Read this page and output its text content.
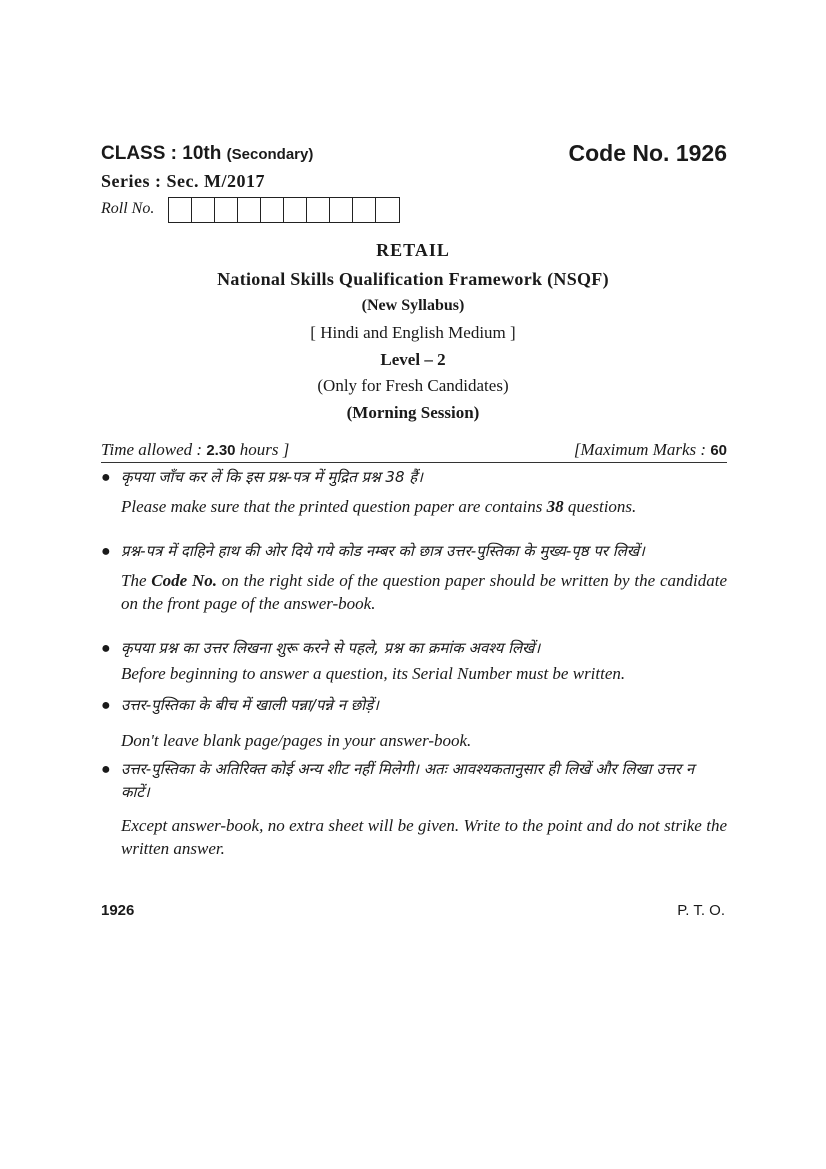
CLASS : 10th (Secondary)	Code No. 1926
Series : Sec. M/2017
Roll No.
RETAIL
National Skills Qualification Framework (NSQF)
(New Syllabus)
[ Hindi and English Medium ]
Level – 2
(Only for Fresh Candidates)
(Morning Session)
Time allowed : 2.30 hours ]	[Maximum Marks : 60
● कृपया जाँच कर लें कि इस प्रश्न-पत्र में मुद्रित प्रश्न 38 हैं।
Please make sure that the printed question paper are contains 38 questions.
● प्रश्न-पत्र में दाहिने हाथ की ओर दिये गये कोड नम्बर को छात्र उत्तर-पुस्तिका के मुख्य-पृष्ठ पर लिखें।
The Code No. on the right side of the question paper should be written by the candidate on the front page of the answer-book.
● कृपया प्रश्न का उत्तर लिखना शुरू करने से पहले, प्रश्न का क्रमांक अवश्य लिखें।
Before beginning to answer a question, its Serial Number must be written.
● उत्तर-पुस्तिका के बीच में खाली पन्ना/पन्ने न छोड़ें।
Don't leave blank page/pages in your answer-book.
● उत्तर-पुस्तिका के अतिरिक्त कोई अन्य शीट नहीं मिलेगी। अतः आवश्यकतानुसार ही लिखें और लिखा उत्तर न काटें।
Except answer-book, no extra sheet will be given. Write to the point and do not strike the written answer.
1926	P. T. O.
